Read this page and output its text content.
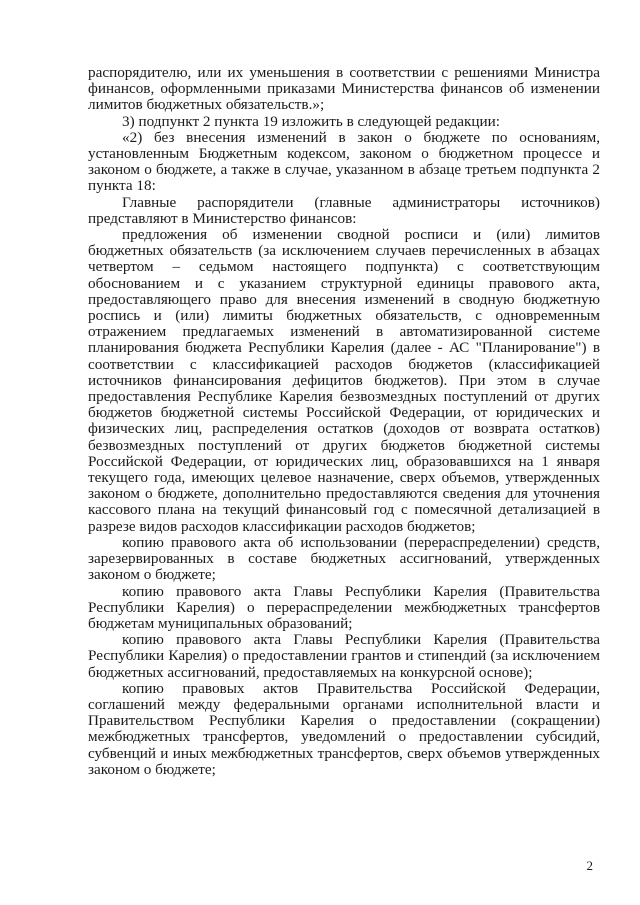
распорядителю, или их уменьшения в соответствии с решениями Министра финансов, оформленными приказами Министерства финансов об изменении лимитов бюджетных обязательств.»;

3) подпункт 2 пункта 19 изложить в следующей редакции:

«2) без внесения изменений в закон о бюджете по основаниям, установленным Бюджетным кодексом, законом о бюджетном процессе и законом о бюджете, а также в случае, указанном в абзаце третьем подпункта 2 пункта 18:

Главные распорядители (главные администраторы источников) представляют в Министерство финансов:

предложения об изменении сводной росписи и (или) лимитов бюджетных обязательств (за исключением случаев перечисленных в абзацах четвертом – седьмом настоящего подпункта) с соответствующим обоснованием и с указанием структурной единицы правового акта, предоставляющего право для внесения изменений в сводную бюджетную роспись и (или) лимиты бюджетных обязательств, с одновременным отражением предлагаемых изменений в автоматизированной системе планирования бюджета Республики Карелия (далее - АС "Планирование") в соответствии с классификацией расходов бюджетов (классификацией источников финансирования дефицитов бюджетов). При этом в случае предоставления Республике Карелия безвозмездных поступлений от других бюджетов бюджетной системы Российской Федерации, от юридических и физических лиц, распределения остатков (доходов от возврата остатков) безвозмездных поступлений от других бюджетов бюджетной системы Российской Федерации, от юридических лиц, образовавшихся на 1 января текущего года, имеющих целевое назначение, сверх объемов, утвержденных законом о бюджете, дополнительно предоставляются сведения для уточнения кассового плана на текущий финансовый год с помесячной детализацией в разрезе видов расходов классификации расходов бюджетов;

копию правового акта об использовании (перераспределении) средств, зарезервированных в составе бюджетных ассигнований, утвержденных законом о бюджете;

копию правового акта Главы Республики Карелия (Правительства Республики Карелия) о перераспределении межбюджетных трансфертов бюджетам муниципальных образований;

копию правового акта Главы Республики Карелия (Правительства Республики Карелия) о предоставлении грантов и стипендий (за исключением бюджетных ассигнований, предоставляемых на конкурсной основе);

копию правовых актов Правительства Российской Федерации, соглашений между федеральными органами исполнительной власти и Правительством Республики Карелия о предоставлении (сокращении) межбюджетных трансфертов, уведомлений о предоставлении субсидий, субвенций и иных межбюджетных трансфертов, сверх объемов утвержденных законом о бюджете;

2
